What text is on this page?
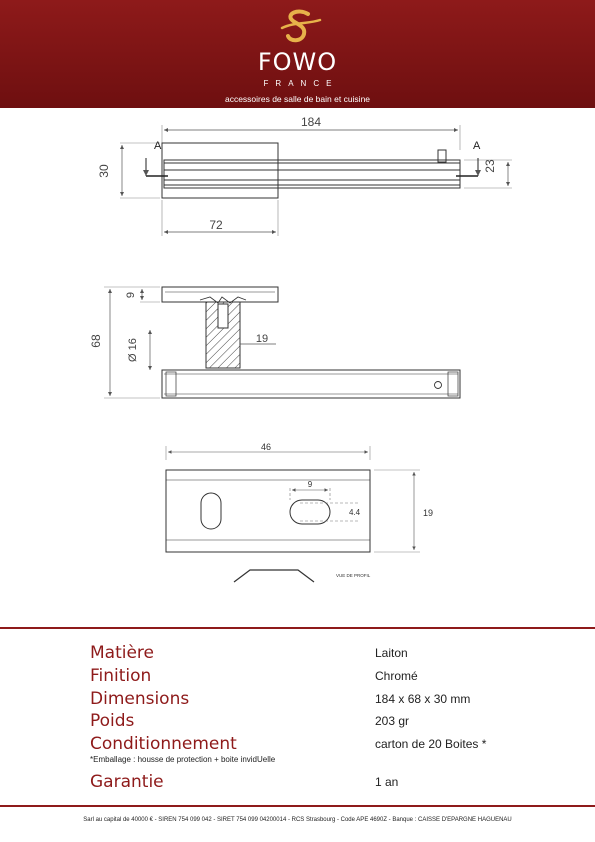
FOWO
FRANCE
accessoires de salle de bain et cuisine
184
30	23
72
A	A
68
9
Ø 16	19
46
19
9
4.4
VUE DE PROFIL
Matière	Laiton
Finition	Chromé
Dimensions	184 x 68 x 30 mm
Poids	203 gr
Conditionnement	carton de 20 Boites *
*Emballage : housse de protection + boite invidUelle
Garantie	1 an
Sarl au capital de 40000 € - SIREN 754 099 042 - SIRET 754 099 04200014 - RCS Strasbourg - Code APE 4690Z - Banque : CAISSE D'EPARGNE HAGUENAU
